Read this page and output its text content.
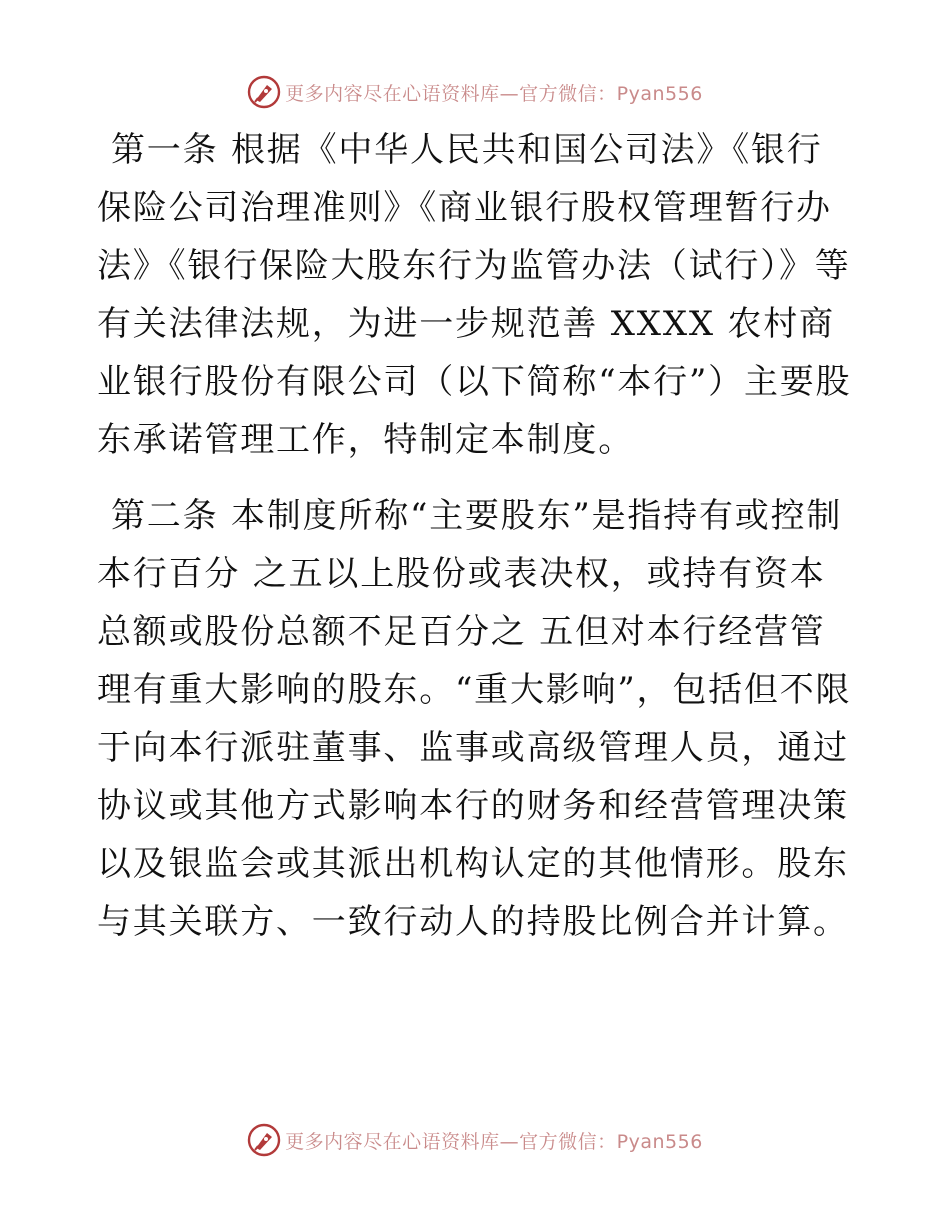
更多内容尽在心语资料库—官方微信：Pyan556

第一条 根据《中华人民共和国公司法》《银行保险公司治理准则》《商业银行股权管理暂行办法》《银行保险大股东行为监管办法（试行）》等有关法律法规，为进一步规范善 XXXX 农村商业银行股份有限公司（以下简称“本行”）主要股东承诺管理工作，特制定本制度。

第二条 本制度所称“主要股东”是指持有或控制本行百分 之五以上股份或表决权，或持有资本总额或股份总额不足百分之 五但对本行经营管理有重大影响的股东。“重大影响”，包括但不限于向本行派驻董事、监事或高级管理人员，通过协议或其他方式影响本行的财务和经营管理决策以及银监会或其派出机构认定的其他情形。股东与其关联方、一致行动人的持股比例合并计算。

更多内容尽在心语资料库—官方微信：Pyan556
